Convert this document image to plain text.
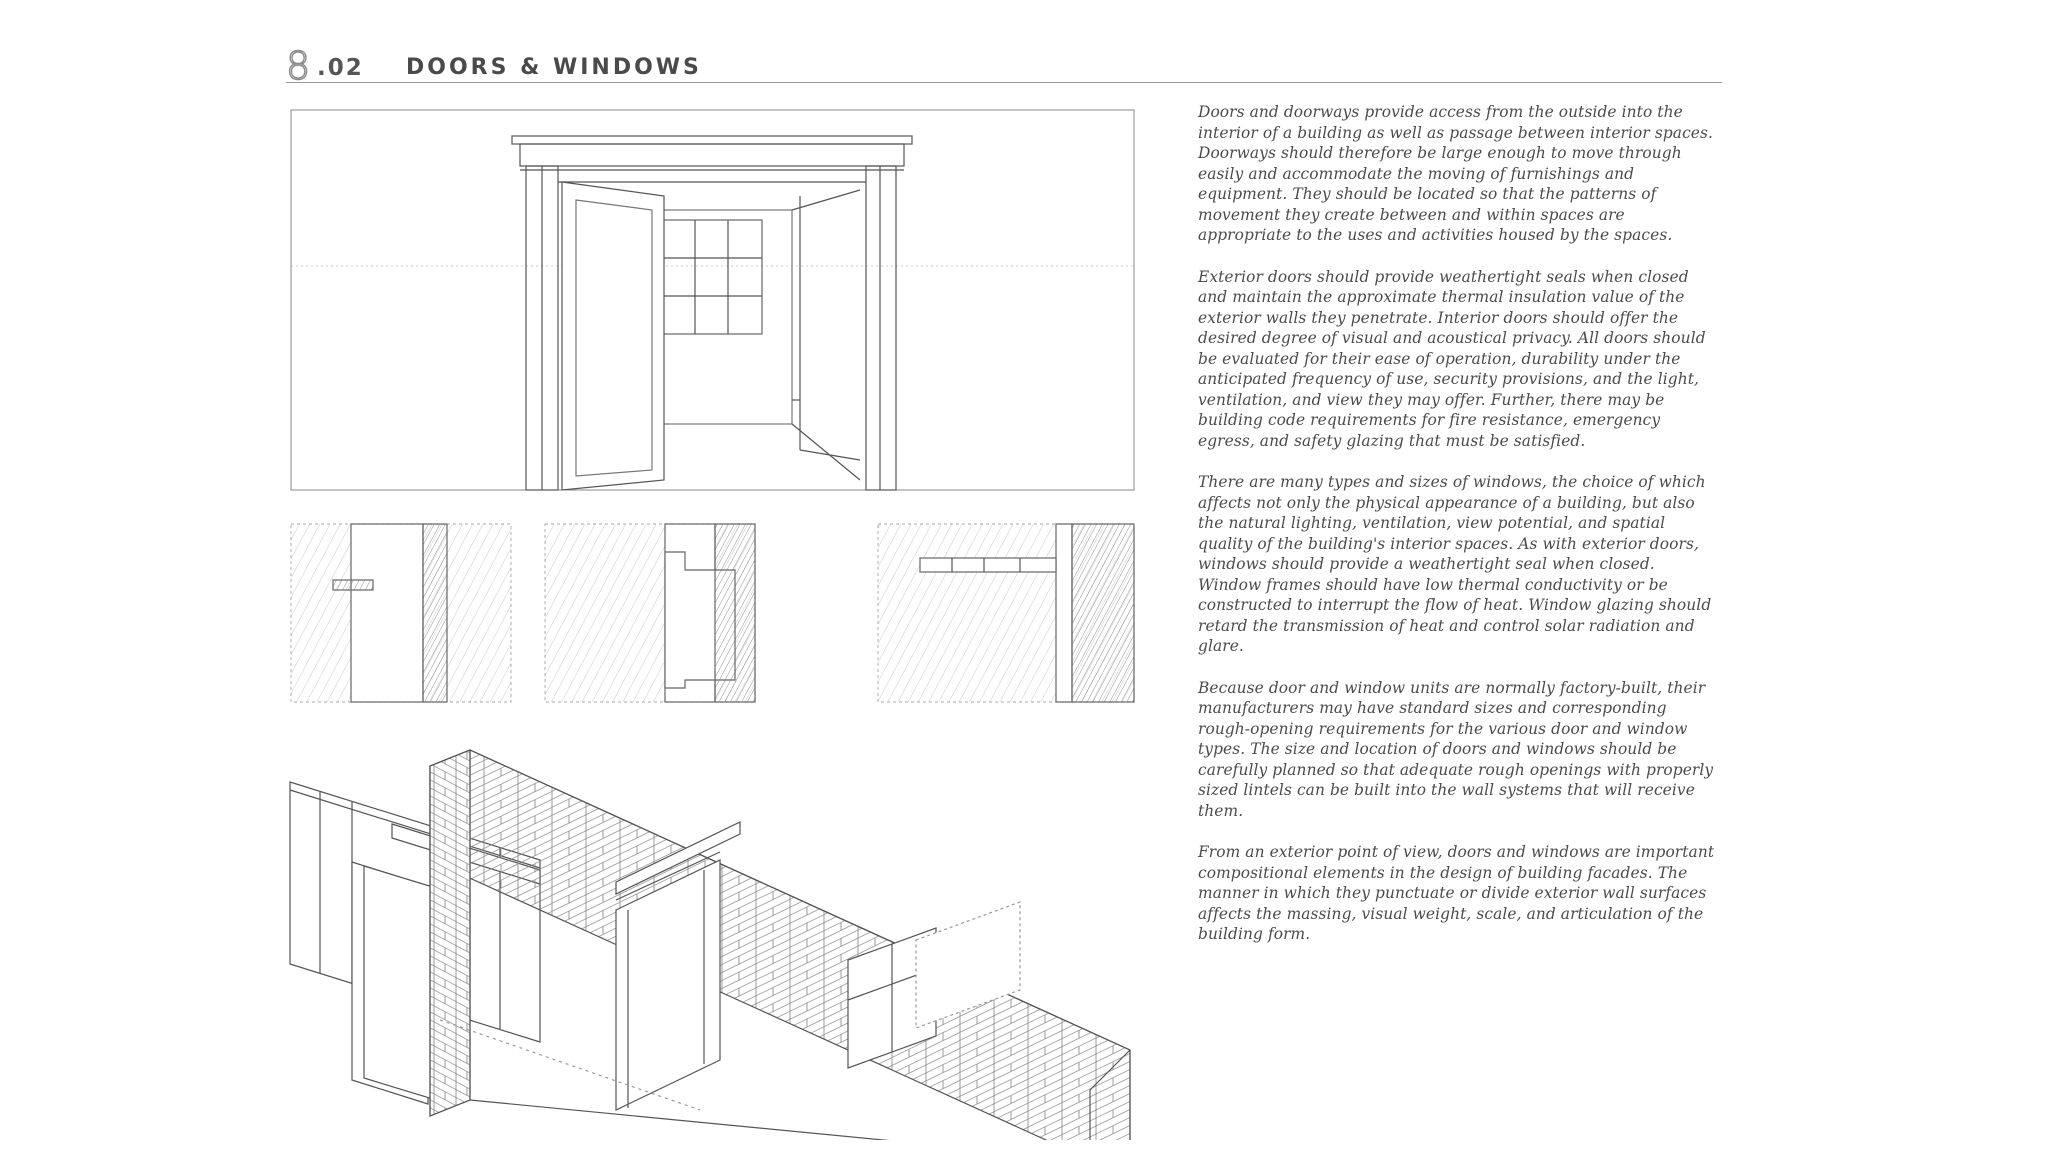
8 .02 DOORS & WINDOWS

Doors and doorways provide access from the outside into the interior of a building as well as passage between interior spaces. Doorways should therefore be large enough to move through easily and accommodate the moving of furnishings and equipment. They should be located so that the patterns of movement they create between and within spaces are appropriate to the uses and activities housed by the spaces.

Exterior doors should provide weathertight seals when closed and maintain the approximate thermal insulation value of the exterior walls they penetrate. Interior doors should offer the desired degree of visual and acoustical privacy. All doors should be evaluated for their ease of operation, durability under the anticipated frequency of use, security provisions, and the light, ventilation, and view they may offer. Further, there may be building code requirements for fire resistance, emergency egress, and safety glazing that must be satisfied.

There are many types and sizes of windows, the choice of which affects not only the physical appearance of a building, but also the natural lighting, ventilation, view potential, and spatial quality of the building's interior spaces. As with exterior doors, windows should provide a weathertight seal when closed. Window frames should have low thermal conductivity or be constructed to interrupt the flow of heat. Window glazing should retard the transmission of heat and control solar radiation and glare.

Because door and window units are normally factory-built, their manufacturers may have standard sizes and corresponding rough-opening requirements for the various door and window types. The size and location of doors and windows should be carefully planned so that adequate rough openings with properly sized lintels can be built into the wall systems that will receive them.

From an exterior point of view, doors and windows are important compositional elements in the design of building facades. The manner in which they punctuate or divide exterior wall surfaces affects the massing, visual weight, scale, and articulation of the building form.
